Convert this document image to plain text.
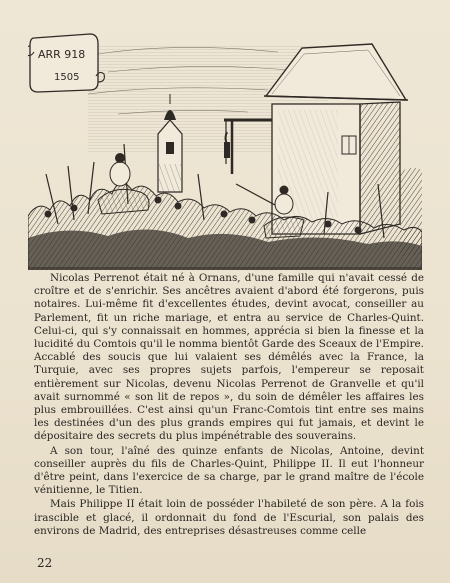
ARR 918
1505

Nicolas Perrenot était né à Ornans, d'une famille qui n'avait cessé de croître et de s'enrichir. Ses ancêtres avaient d'abord été forgerons, puis notaires. Lui-même fit d'excellentes études, devint avocat, conseiller au Parlement, fit un riche mariage, et entra au service de Charles-Quint. Celui-ci, qui s'y connaissait en hommes, apprécia si bien la finesse et la lucidité du Comtois qu'il le nomma bientôt Garde des Sceaux de l'Empire. Accablé des soucis que lui valaient ses démêlés avec la France, la Turquie, avec ses propres sujets parfois, l'empereur se reposait entièrement sur Nicolas, devenu Nicolas Perrenot de Granvelle et qu'il avait surnommé « son lit de repos », du soin de démêler les affaires les plus embrouillées. C'est ainsi qu'un Franc-Comtois tint entre ses mains les destinées d'un des plus grands empires qui fut jamais, et devint le dépositaire des secrets du plus impénétrable des souverains.

A son tour, l'aîné des quinze enfants de Nicolas, Antoine, devint conseiller auprès du fils de Charles-Quint, Philippe II. Il eut l'honneur d'être peint, dans l'exercice de sa charge, par le grand maître de l'école vénitienne, le Titien.

Mais Philippe II était loin de posséder l'habileté de son père. A la fois irascible et glacé, il ordonnait du fond de l'Escurial, son palais des environs de Madrid, des entreprises désastreuses comme celle

22
